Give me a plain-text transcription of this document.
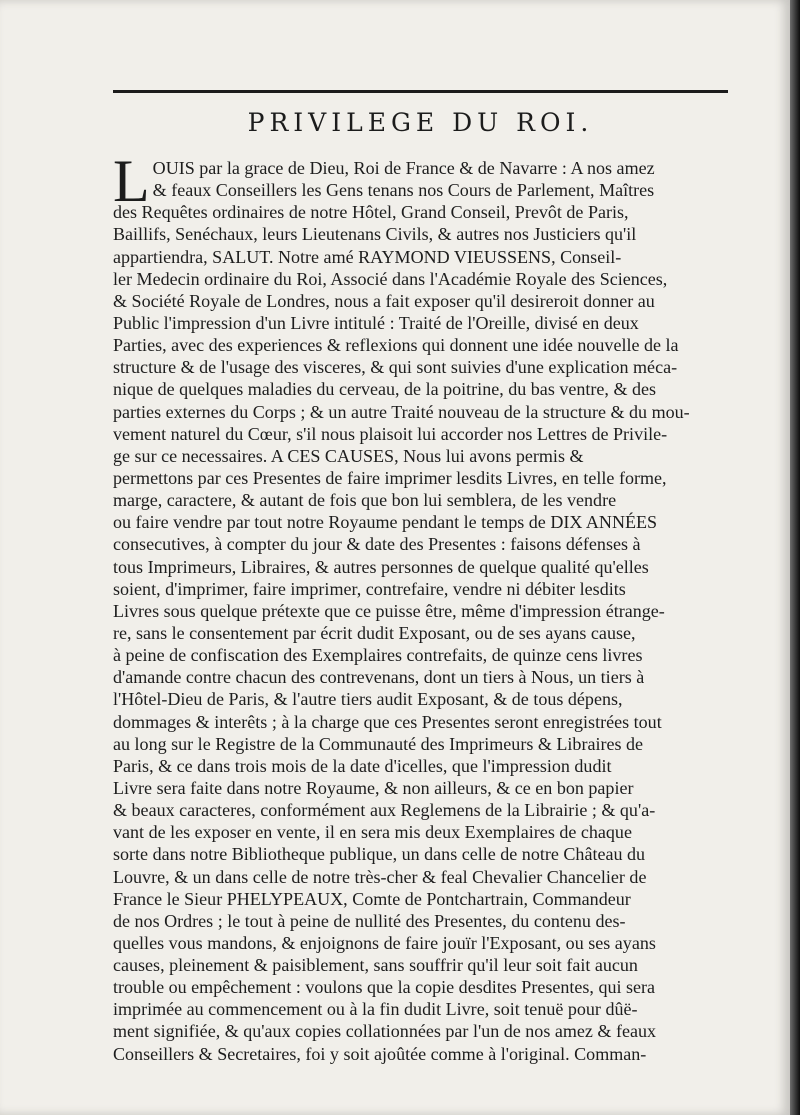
PRIVILEGE DU ROI.
L OUIS par la grace de Dieu, Roi de France & de Navarre : A nos amez
& feaux Conseillers les Gens tenans nos Cours de Parlement, Maîtres
des Requêtes ordinaires de notre Hôtel, Grand Conseil, Prevôt de Paris,
Baillifs, Senéchaux, leurs Lieutenans Civils, & autres nos Justiciers qu'il
appartiendra, SALUT. Notre amé RAYMOND VIEUSSENS, Conseil-
ler Medecin ordinaire du Roi, Associé dans l'Académie Royale des Sciences,
& Société Royale de Londres, nous a fait exposer qu'il desireroit donner au
Public l'impression d'un Livre intitulé : Traité de l'Oreille, divisé en deux
Parties, avec des experiences & reflexions qui donnent une idée nouvelle de la
structure & de l'usage des visceres, & qui sont suivies d'une explication méca-
nique de quelques maladies du cerveau, de la poitrine, du bas ventre, & des
parties externes du Corps ; & un autre Traité nouveau de la structure & du mou-
vement naturel du Cœur, s'il nous plaisoit lui accorder nos Lettres de Privile-
ge sur ce necessaires. A CES CAUSES, Nous lui avons permis &
permettons par ces Presentes de faire imprimer lesdits Livres, en telle forme,
marge, caractere, & autant de fois que bon lui semblera, de les vendre
ou faire vendre par tout notre Royaume pendant le temps de DIX ANNÉES
consecutives, à compter du jour & date des Presentes : faisons défenses à
tous Imprimeurs, Libraires, & autres personnes de quelque qualité qu'elles
soient, d'imprimer, faire imprimer, contrefaire, vendre ni débiter lesdits
Livres sous quelque prétexte que ce puisse être, même d'impression étrange-
re, sans le consentement par écrit dudit Exposant, ou de ses ayans cause,
à peine de confiscation des Exemplaires contrefaits, de quinze cens livres
d'amande contre chacun des contrevenans, dont un tiers à Nous, un tiers à
l'Hôtel-Dieu de Paris, & l'autre tiers audit Exposant, & de tous dépens,
dommages & interêts ; à la charge que ces Presentes seront enregistrées tout
au long sur le Registre de la Communauté des Imprimeurs & Libraires de
Paris, & ce dans trois mois de la date d'icelles, que l'impression dudit
Livre sera faite dans notre Royaume, & non ailleurs, & ce en bon papier
& beaux caracteres, conformément aux Reglemens de la Librairie ; & qu'a-
vant de les exposer en vente, il en sera mis deux Exemplaires de chaque
sorte dans notre Bibliotheque publique, un dans celle de notre Château du
Louvre, & un dans celle de notre très-cher & feal Chevalier Chancelier de
France le Sieur PHELYPEAUX, Comte de Pontchartrain, Commandeur
de nos Ordres ; le tout à peine de nullité des Presentes, du contenu des-
quelles vous mandons, & enjoignons de faire jouïr l'Exposant, ou ses ayans
causes, pleinement & paisiblement, sans souffrir qu'il leur soit fait aucun
trouble ou empêchement : voulons que la copie desdites Presentes, qui sera
imprimée au commencement ou à la fin dudit Livre, soit tenuë pour dûë-
ment signifiée, & qu'aux copies collationnées par l'un de nos amez & feaux
Conseillers & Secretaires, foi y soit ajoûtée comme à l'original. Comman-
